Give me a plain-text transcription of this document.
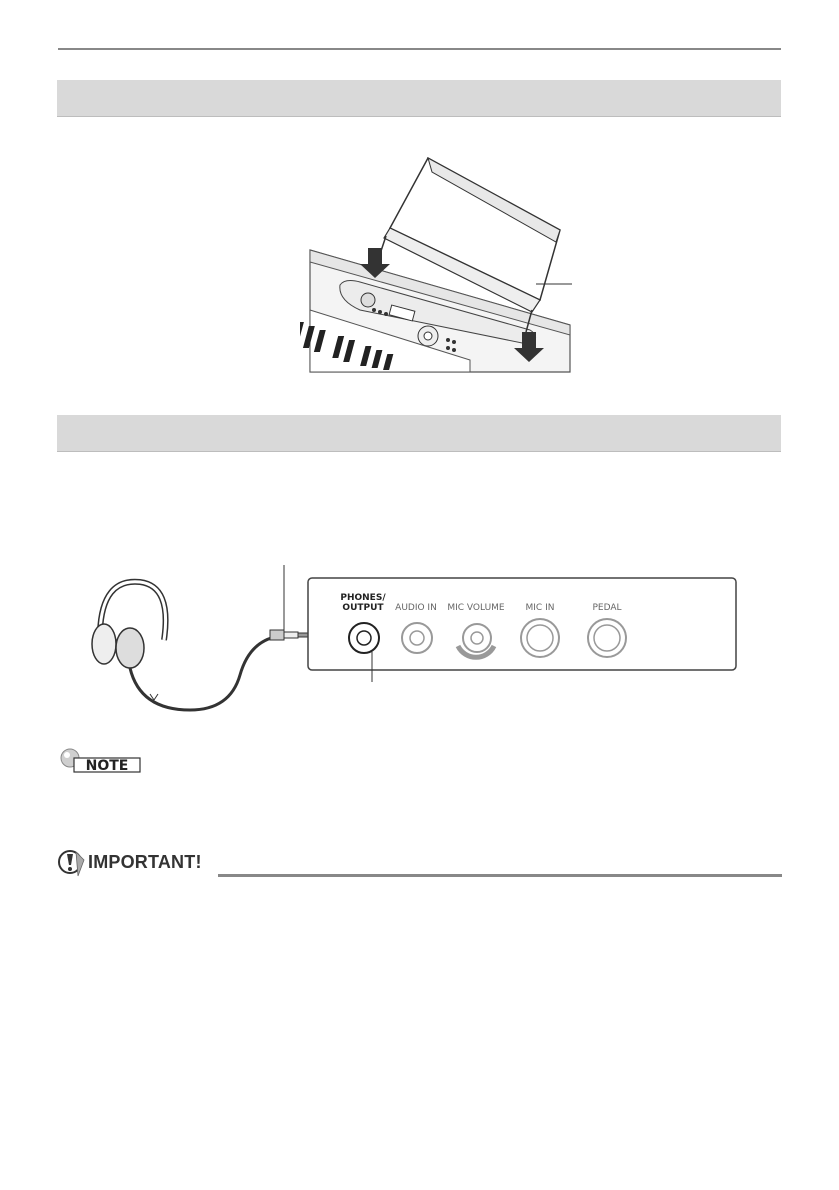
PHONES/
OUTPUT AUDIO IN MIC VOLUME MIC IN	PEDAL
NOTE
IMPORTANT!
